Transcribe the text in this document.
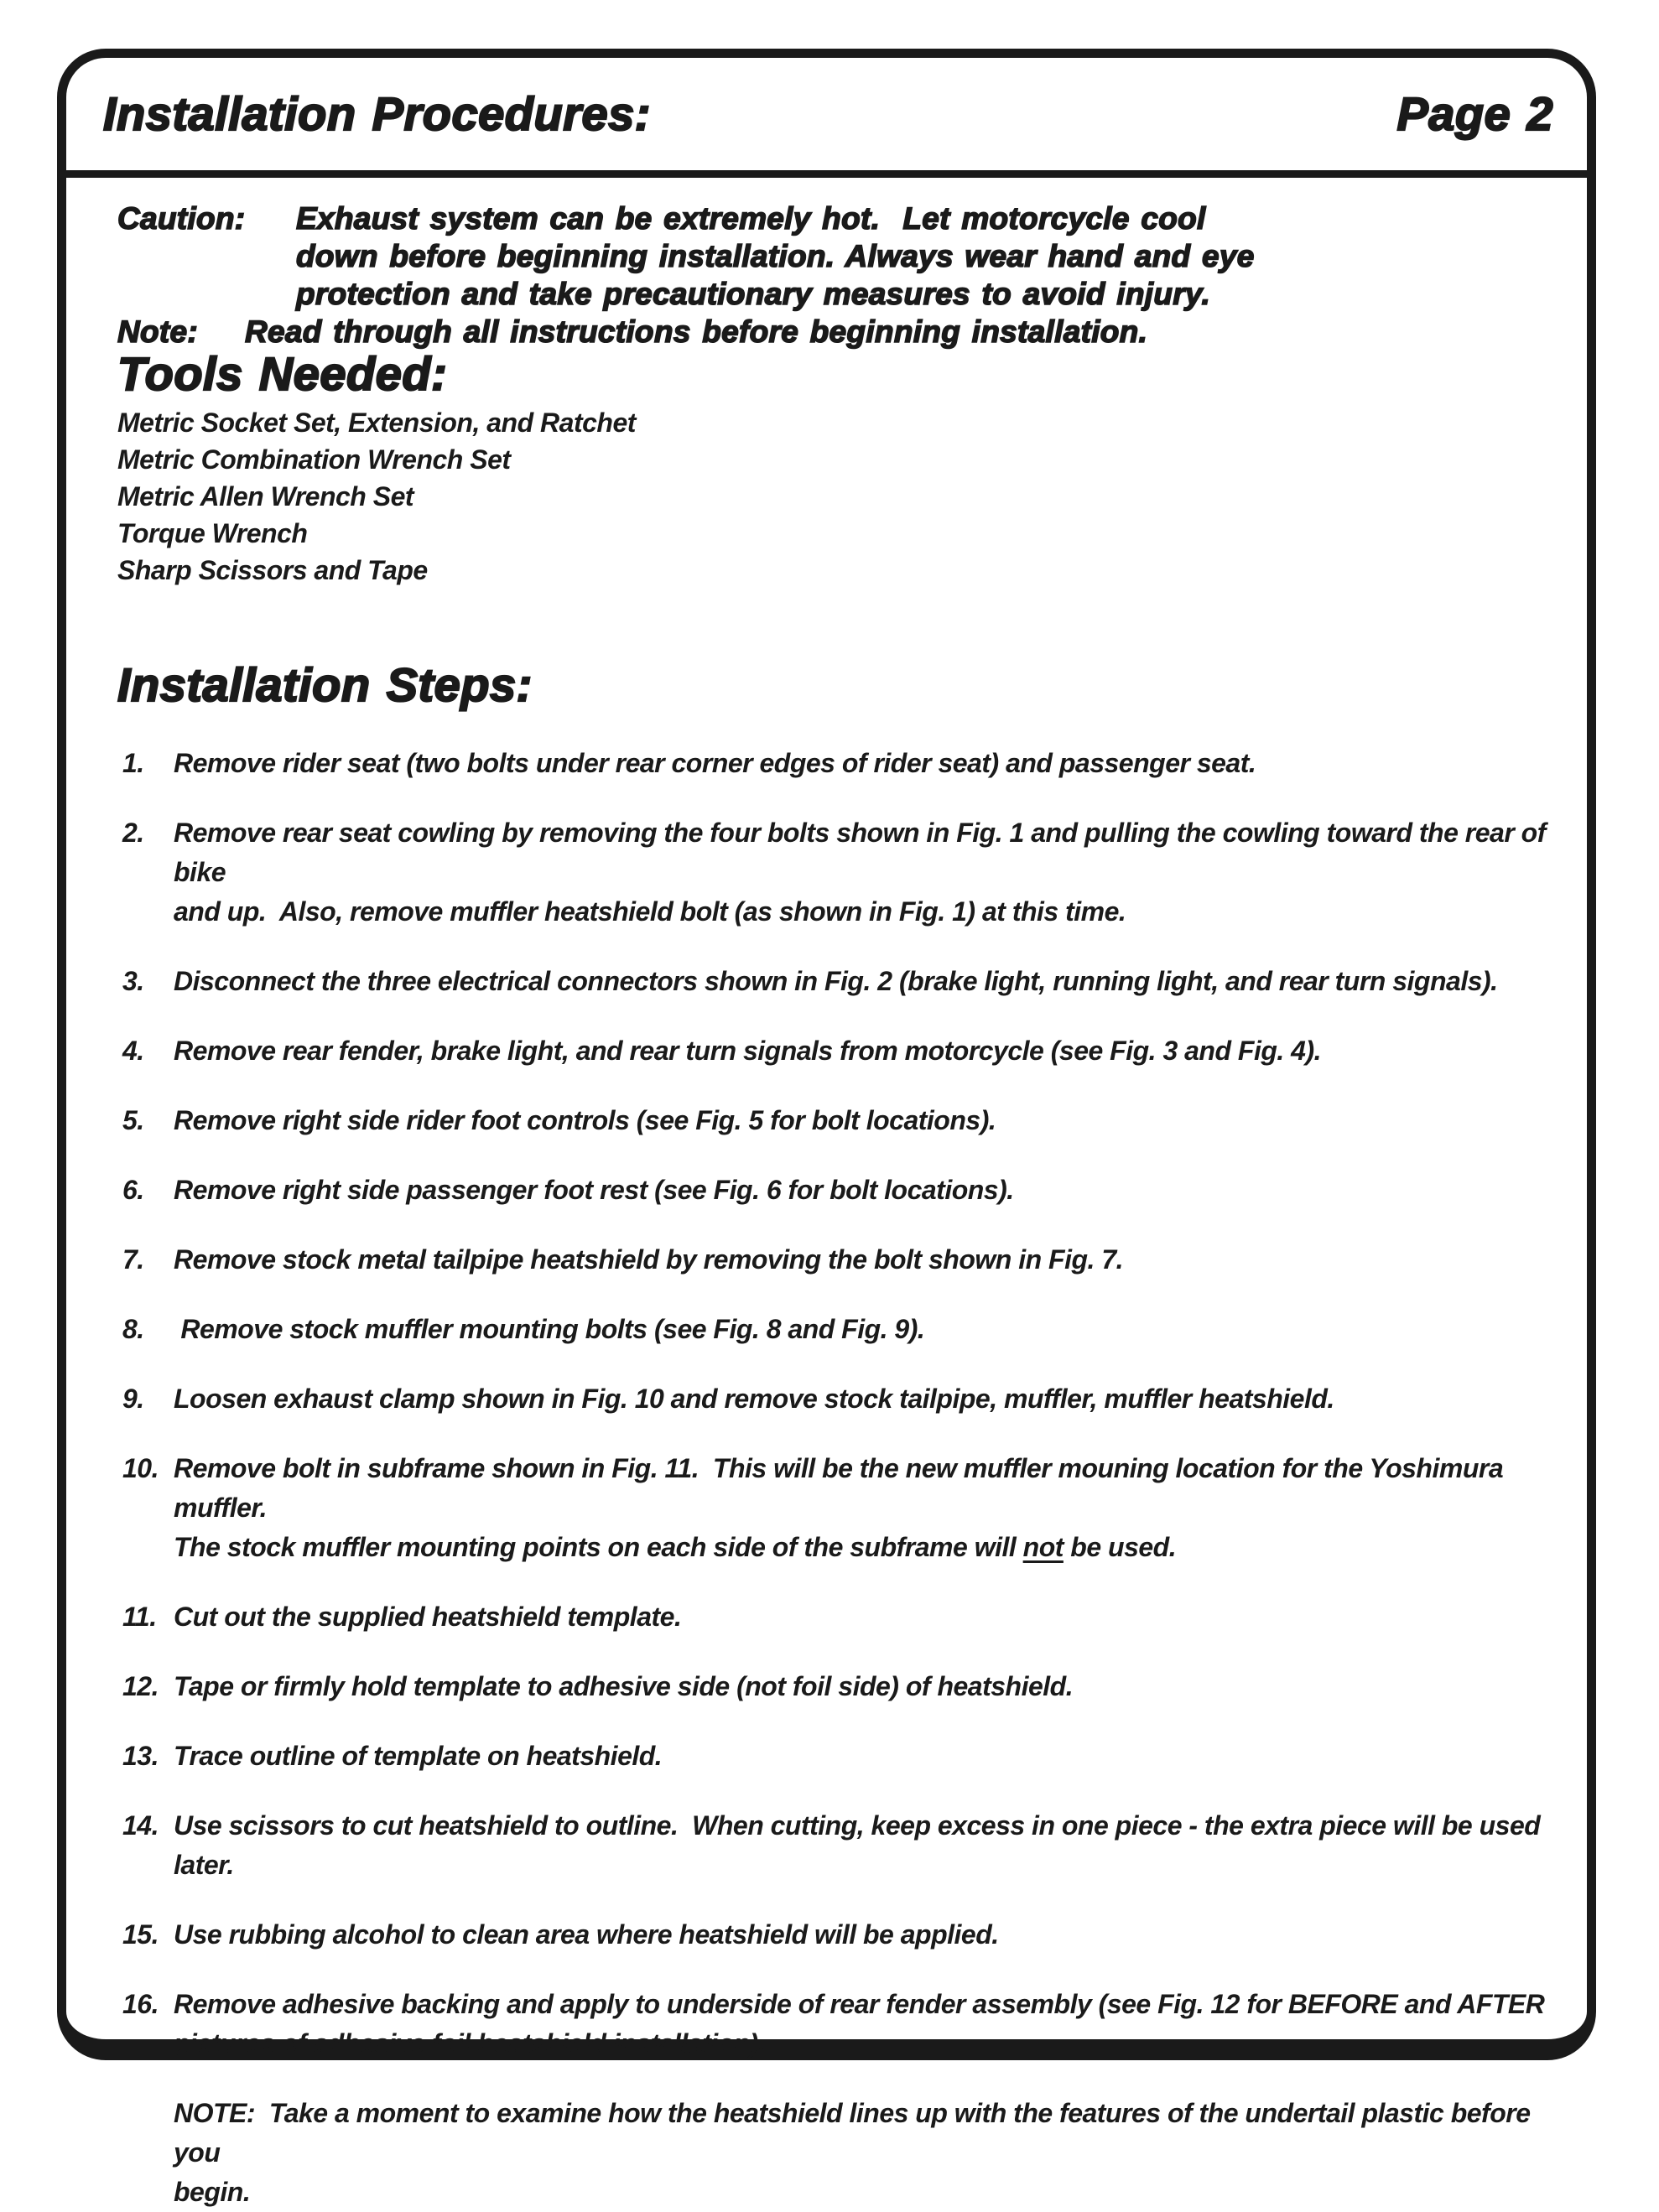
Installation Procedures:	Page 2
Caution: Exhaust system can be extremely hot.  Let motorcycle cool
down before beginning installation. Always wear hand and eye
protection and take precautionary measures to avoid injury.
Note: Read through all instructions before beginning installation.
Tools Needed:
Metric Socket Set, Extension, and Ratchet
Metric Combination Wrench Set
Metric Allen Wrench Set
Torque Wrench
Sharp Scissors and Tape
Installation Steps:
1. Remove rider seat (two bolts under rear corner edges of rider seat) and passenger seat.
2. Remove rear seat cowling by removing the four bolts shown in Fig. 1 and pulling the cowling toward the rear of bike
and up.  Also, remove muffler heatshield bolt (as shown in Fig. 1) at this time.
3. Disconnect the three electrical connectors shown in Fig. 2 (brake light, running light, and rear turn signals).
4. Remove rear fender, brake light, and rear turn signals from motorcycle (see Fig. 3 and Fig. 4).
5. Remove right side rider foot controls (see Fig. 5 for bolt locations).
6. Remove right side passenger foot rest (see Fig. 6 for bolt locations).
7. Remove stock metal tailpipe heatshield by removing the bolt shown in Fig. 7.
8. Remove stock muffler mounting bolts (see Fig. 8 and Fig. 9).
9. Loosen exhaust clamp shown in Fig. 10 and remove stock tailpipe, muffler, muffler heatshield.
10. Remove bolt in subframe shown in Fig. 11.  This will be the new muffler mouning location for the Yoshimura muffler.
The stock muffler mounting points on each side of the subframe will not be used.
11. Cut out the supplied heatshield template.
12. Tape or firmly hold template to adhesive side (not foil side) of heatshield.
13. Trace outline of template on heatshield.
14. Use scissors to cut heatshield to outline.  When cutting, keep excess in one piece - the extra piece will be used later.
15. Use rubbing alcohol to clean area where heatshield will be applied.
16. Remove adhesive backing and apply to underside of rear fender assembly (see Fig. 12 for BEFORE and AFTER
pictures of adhesive foil heatshield installation).
NOTE:  Take a moment to examine how the heatshield lines up with the features of the undertail plastic before you
begin.
